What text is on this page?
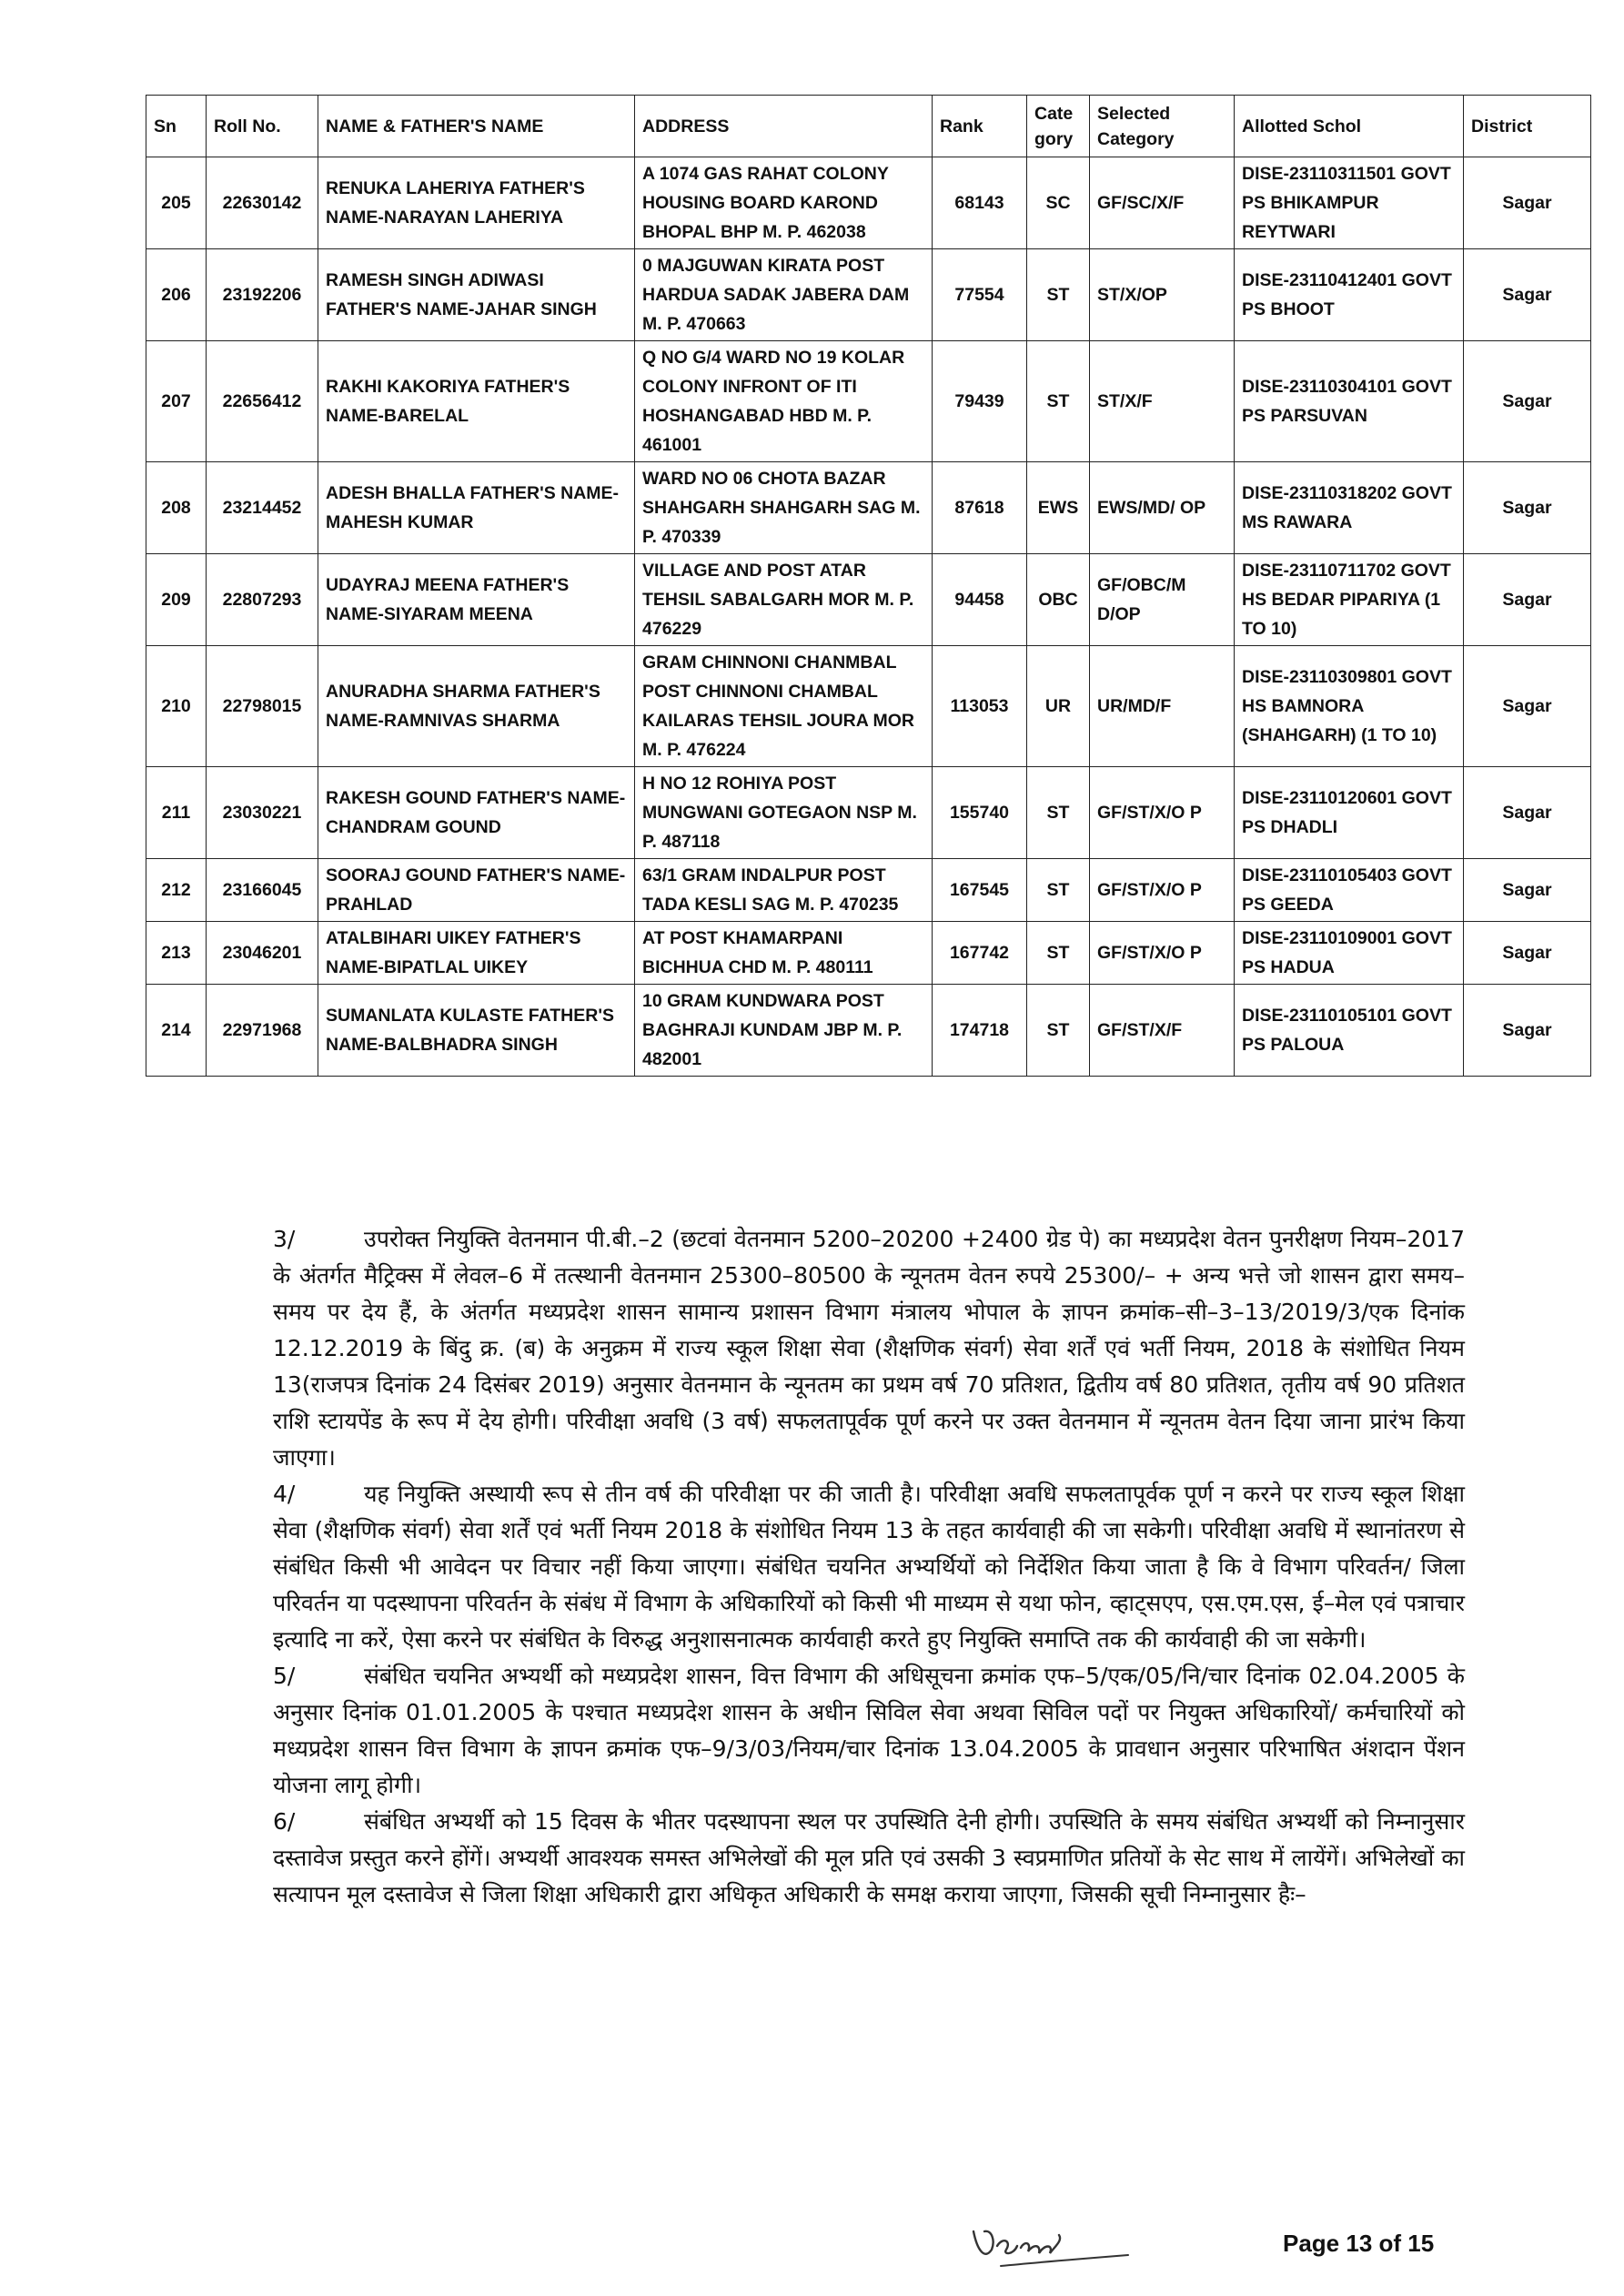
Sn	Roll No.	NAME & FATHER'S NAME	ADDRESS	Rank	Cate gory	Selected Category	Allotted Schol	District
205	22630142	RENUKA LAHERIYA FATHER'S NAME-NARAYAN LAHERIYA	A 1074 GAS RAHAT COLONY HOUSING BOARD KAROND BHOPAL BHP M. P. 462038	68143	SC	GF/SC/X/F	DISE-23110311501 GOVT PS BHIKAMPUR REYTWARI	Sagar
206	23192206	RAMESH SINGH ADIWASI FATHER'S NAME-JAHAR SINGH	0 MAJGUWAN KIRATA POST HARDUA SADAK JABERA DAM M. P. 470663	77554	ST	ST/X/OP	DISE-23110412401 GOVT PS BHOOT	Sagar
207	22656412	RAKHI KAKORIYA FATHER'S NAME-BARELAL	Q NO G/4 WARD NO 19 KOLAR COLONY INFRONT OF ITI HOSHANGABAD HBD M. P. 461001	79439	ST	ST/X/F	DISE-23110304101 GOVT PS PARSUVAN	Sagar
208	23214452	ADESH BHALLA FATHER'S NAME-MAHESH KUMAR	WARD NO 06 CHOTA BAZAR SHAHGARH SHAHGARH SAG M. P. 470339	87618	EWS	EWS/MD/ OP	DISE-23110318202 GOVT MS RAWARA	Sagar
209	22807293	UDAYRAJ MEENA FATHER'S NAME-SIYARAM MEENA	VILLAGE AND POST ATAR TEHSIL SABALGARH MOR M. P. 476229	94458	OBC	GF/OBC/M D/OP	DISE-23110711702 GOVT HS BEDAR PIPARIYA (1 TO 10)	Sagar
210	22798015	ANURADHA SHARMA FATHER'S NAME-RAMNIVAS SHARMA	GRAM CHINNONI CHANMBAL POST CHINNONI CHAMBAL KAILARAS TEHSIL JOURA MOR M. P. 476224	113053	UR	UR/MD/F	DISE-23110309801 GOVT HS BAMNORA (SHAHGARH) (1 TO 10)	Sagar
211	23030221	RAKESH GOUND FATHER'S NAME-CHANDRAM GOUND	H NO 12 ROHIYA POST MUNGWANI GOTEGAON NSP M. P. 487118	155740	ST	GF/ST/X/O P	DISE-23110120601 GOVT PS DHADLI	Sagar
212	23166045	SOORAJ GOUND FATHER'S NAME-PRAHLAD	63/1 GRAM INDALPUR POST TADA KESLI SAG M. P. 470235	167545	ST	GF/ST/X/O P	DISE-23110105403 GOVT PS GEEDA	Sagar
213	23046201	ATALBIHARI UIKEY FATHER'S NAME-BIPATLAL UIKEY	AT POST KHAMARPANI BICHHUA CHD M. P. 480111	167742	ST	GF/ST/X/O P	DISE-23110109001 GOVT PS HADUA	Sagar
214	22971968	SUMANLATA KULASTE FATHER'S NAME-BALBHADRA SINGH	10 GRAM KUNDWARA POST BAGHRAJI KUNDAM JBP M. P. 482001	174718	ST	GF/ST/X/F	DISE-23110105101 GOVT PS PALOUA	Sagar

3/	उपरोक्त नियुक्ति वेतनमान पी.बी.–2 (छटवां वेतनमान 5200–20200 +2400 ग्रेड पे) का मध्यप्रदेश वेतन पुनरीक्षण नियम–2017 के अंतर्गत मैट्रिक्स में लेवल–6 में तत्स्थानी वेतनमान 25300–80500 के न्यूनतम वेतन रुपये 25300/– + अन्य भत्ते जो शासन द्वारा समय–समय पर देय हैं, के अंतर्गत मध्यप्रदेश शासन सामान्य प्रशासन विभाग मंत्रालय भोपाल के ज्ञापन क्रमांक–सी–3–13/2019/3/एक दिनांक 12.12.2019 के बिंदु क्र. (ब) के अनुक्रम में राज्य स्कूल शिक्षा सेवा (शैक्षणिक संवर्ग) सेवा शर्तें एवं भर्ती नियम, 2018 के संशोधित नियम 13(राजपत्र दिनांक 24 दिसंबर 2019) अनुसार वेतनमान के न्यूनतम का प्रथम वर्ष 70 प्रतिशत, द्वितीय वर्ष 80 प्रतिशत, तृतीय वर्ष 90 प्रतिशत राशि स्टायपेंड के रूप में देय होगी। परिवीक्षा अवधि (3 वर्ष) सफलतापूर्वक पूर्ण करने पर उक्त वेतनमान में न्यूनतम वेतन दिया जाना प्रारंभ किया जाएगा।

4/	यह नियुक्ति अस्थायी रूप से तीन वर्ष की परिवीक्षा पर की जाती है। परिवीक्षा अवधि सफलतापूर्वक पूर्ण न करने पर राज्य स्कूल शिक्षा सेवा (शैक्षणिक संवर्ग) सेवा शर्तें एवं भर्ती नियम 2018 के संशोधित नियम 13 के तहत कार्यवाही की जा सकेगी। परिवीक्षा अवधि में स्थानांतरण से संबंधित किसी भी आवेदन पर विचार नहीं किया जाएगा। संबंधित चयनित अभ्यर्थियों को निर्देशित किया जाता है कि वे विभाग परिवर्तन/ जिला परिवर्तन या पदस्थापना परिवर्तन के संबंध में विभाग के अधिकारियों को किसी भी माध्यम से यथा फोन, व्हाट्सएप, एस.एम.एस, ई–मेल एवं पत्राचार इत्यादि ना करें, ऐसा करने पर संबंधित के विरुद्ध अनुशासनात्मक कार्यवाही करते हुए नियुक्ति समाप्ति तक की कार्यवाही की जा सकेगी।

5/	संबंधित चयनित अभ्यर्थी को मध्यप्रदेश शासन, वित्त विभाग की अधिसूचना क्रमांक एफ–5/एक/05/नि/चार दिनांक 02.04.2005 के अनुसार दिनांक 01.01.2005 के पश्चात मध्यप्रदेश शासन के अधीन सिविल सेवा अथवा सिविल पदों पर नियुक्त अधिकारियों/ कर्मचारियों को मध्यप्रदेश शासन वित्त विभाग के ज्ञापन क्रमांक एफ–9/3/03/नियम/चार दिनांक 13.04.2005 के प्रावधान अनुसार परिभाषित अंशदान पेंशन योजना लागू होगी।

6/	संबंधित अभ्यर्थी को 15 दिवस के भीतर पदस्थापना स्थल पर उपस्थिति देनी होगी। उपस्थिति के समय संबंधित अभ्यर्थी को निम्नानुसार दस्तावेज प्रस्तुत करने होंगें। अभ्यर्थी आवश्यक समस्त अभिलेखों की मूल प्रति एवं उसकी 3 स्वप्रमाणित प्रतियों के सेट साथ में लायेंगें। अभिलेखों का सत्यापन मूल दस्तावेज से जिला शिक्षा अधिकारी द्वारा अधिकृत अधिकारी के समक्ष कराया जाएगा, जिसकी सूची निम्नानुसार हैः–

Page 13 of 15
